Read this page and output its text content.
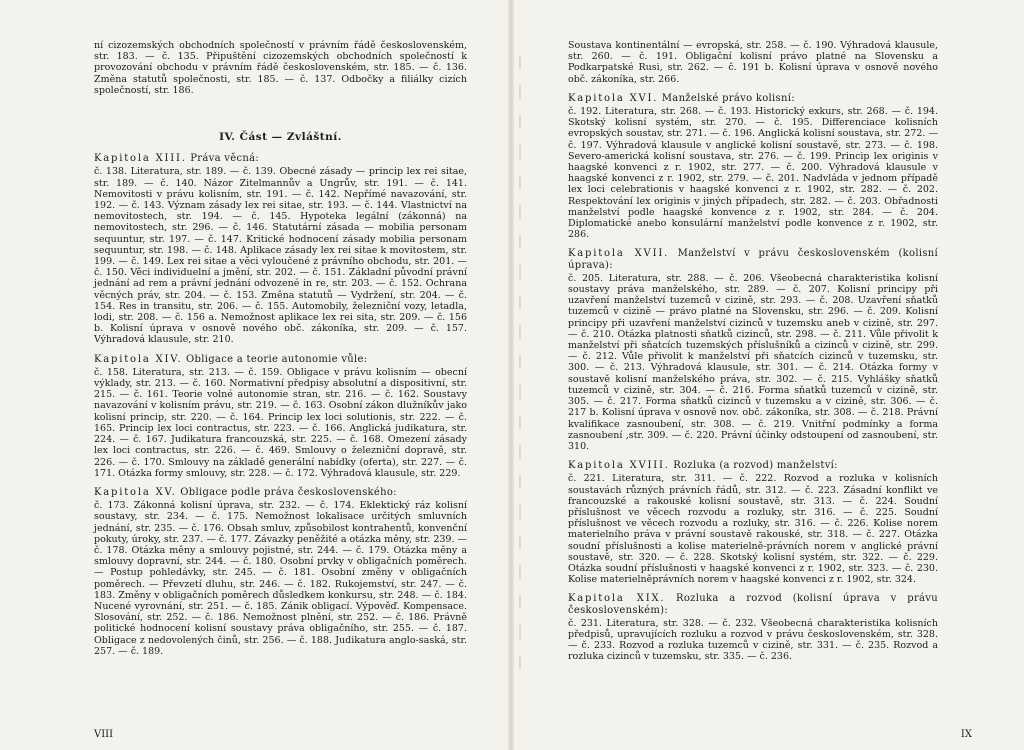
ní cizozemských obchodních společností v právním řádě československém, str. 183. — č. 135. Připuštění cizozemských obchodních společností k provozování obchodu v právním řádě československém, str. 185. — č. 136. Změna statutů společnosti, str. 185. — č. 137. Odbočky a filiálky cizích společností, str. 186.

IV. Část — Zvláštní.
Kapitola XIII. Práva věcná:

č. 138. Literatura, str. 189. — č. 139. Obecné zásady — princip lex rei sitae, str. 189. — č. 140. Názor Zitelmannův a Ungrův, str. 191. — č. 141. Nemovitosti v právu kolisním, str. 191. — č. 142. Nepřímé navazování, str. 192. — č. 143. Význam zásady lex rei sitae, str. 193. — č. 144. Vlastnictví na nemovitostech, str. 194. — č. 145. Hypoteka legální (zákonná) na nemovitostech, str. 296. — č. 146. Statutární zásada — mobilia personam sequuntur, str. 197. — č. 147. Kritické hodnocení zásady mobilia personam sequuntur, str. 198. — č. 148. Aplikace zásady lex rei sitae k movitostem, str. 199. — č. 149. Lex rei sitae a věci vyloučené z právního obchodu, str. 201. — č. 150. Věci individuelní a jmění, str. 202. — č. 151. Základní původní právní jednání ad rem a právní jednání odvozené in re, str. 203. — č. 152. Ochrana věcných práv, str. 204. — č. 153. Změna statutů — Vydržení, str. 204. — č. 154. Res in transitu, str. 206. — č. 155. Automobily, železniční vozy, letadla, lodi, str. 208. — č. 156 a. Nemožnost aplikace lex rei sita, str. 209. — č. 156 b. Kolisní úprava v osnově nového obč. zákoníka, str. 209. — č. 157. Výhradová klausule, str. 210.

Kapitola XIV. Obligace a teorie autonomie vůle:

č. 158. Literatura, str. 213. — č. 159. Obligace v právu kolisním — obecní výklady, str. 213. — č. 160. Normativní předpisy absolutní a dispositivní, str. 215. — č. 161. Teorie volné autonomie stran, str. 216. — č. 162. Soustavy navazování v kolisním právu, str. 219. — č. 163. Osobní zákon dlužníkův jako kolisní princip, str. 220. — č. 164. Princip lex loci solutionis, str. 222. — č. 165. Princip lex loci contractus, str. 223. — č. 166. Anglická judikatura, str. 224. — č. 167. Judikatura francouzská, str. 225. — č. 168. Omezení zásady lex loci contractus, str. 226. — č. 469. Smlouvy o železniční dopravě, str. 226. — č. 170. Smlouvy na základě generální nabídky (oferta), str. 227. — č. 171. Otázka formy smlouvy, str. 228. — č. 172. Výhradová klausule, str. 229.

Kapitola XV. Obligace podle práva československého:

č. 173. Zákonná kolisní úprava, str. 232. — č. 174. Eklektický ráz kolisní soustavy, str. 234. — č. 175. Nemožnost lokalisace určitých smluvních jednání, str. 235. — č. 176. Obsah smluv, způsobilost kontrahentů, konvenční pokuty, úroky, str. 237. — č. 177. Závazky peněžité a otázka měny, str. 239. — č. 178. Otázka měny a smlouvy pojistné, str. 244. — č. 179. Otázka měny a smlouvy dopravní, str. 244. — č. 180. Osobní prvky v obligačních poměrech. — Postup pohledávky, str. 245. — č. 181. Osobní změny v obligačních poměrech. — Převzetí dluhu, str. 246. — č. 182. Rukojemství, str. 247. — č. 183. Změny v obligačních poměrech důsledkem konkursu, str. 248. — č. 184. Nucené vyrovnání, str. 251. — č. 185. Zánik obligací. Výpověď. Kompensace. Slosování, str. 252. — č. 186. Nemožnost plnění, str. 252. — č. 186. Právně politické hodnocení kolisní soustavy práva obligačního, str. 255. — č. 187. Obligace z nedovolených činů, str. 256. — č. 188. Judikatura anglo-saská, str. 257. — č. 189.

VIII

Soustava kontinentální — evropská, str. 258. — č. 190. Výhradová klausule, str. 260. — č. 191. Obligační kolisní právo platné na Slovensku a Podkarpatské Rusi, str. 262. — č. 191 b. Kolisní úprava v osnově nového obč. zákoníka, str. 266.

Kapitola XVI. Manželské právo kolisní:

č. 192. Literatura, str. 268. — č. 193. Historický exkurs, str. 268. — č. 194. Skotský kolisní systém, str. 270. — č. 195. Differenciace kolisních evropských soustav, str. 271. — č. 196. Anglická kolisní soustava, str. 272. — č. 197. Výhradová klausule v anglické kolisní soustavě, str. 273. — č. 198. Severo-americká kolisní soustava, str. 276. — č. 199. Princip lex originis v haagské konvenci z r. 1902, str. 277. — č. 200. Výhradová klausule v haagské konvenci z r. 1902, str. 279. — č. 201. Nadvláda v jednom případě lex loci celebrationis v haagské konvenci z r. 1902, str. 282. — č. 202. Respektování lex originis v jiných případech, str. 282. — č. 203. Obřadnosti manželství podle haagské konvence z r. 1902, str. 284. — č. 204. Diplomatické anebo konsulární manželství podle konvence z r. 1902, str. 286.

Kapitola XVII. Manželství v právu československém (kolisní úprava):

č. 205. Literatura, str. 288. — č. 206. Všeobecná charakteristika kolisní soustavy práva manželského, str. 289. — č. 207. Kolisní principy při uzavření manželství tuzemců v cizině, str. 293. — č. 208. Uzavření sňatků tuzemců v cizině — právo platné na Slovensku, str. 296. — č. 209. Kolisní principy při uzavření manželství cizinců v tuzemsku aneb v cizině, str. 297. — č. 210. Otázka platnosti sňatků cizinců, str. 298. — č. 211. Vůle přivolit k manželství při sňatcích tuzemských příslušníků a cizinců v cizině, str. 299. — č. 212. Vůle přivolit k manželství při sňatcích cizinců v tuzemsku, str. 300. — č. 213. Výhradová klausule, str. 301. — č. 214. Otázka formy v soustavě kolisní manželského práva, str. 302. — č. 215. Vyhlášky sňatků tuzemců v cizině, str. 304. — č. 216. Forma sňatků tuzemců v cizině, str. 305. — č. 217. Forma sňatků cizinců v tuzemsku a v cizině, str. 306. — č. 217 b. Kolisní úprava v osnově nov. obč. zákoníka, str. 308. — č. 218. Právní kvalifikace zasnoubení, str. 308. — č. 219. Vnitřní podmínky a forma zasnoubení ,str. 309. — č. 220. Právní účinky odstoupení od zasnoubení, str. 310.

Kapitola XVIII. Rozluka (a rozvod) manželství:

č. 221. Literatura, str. 311. — č. 222. Rozvod a rozluka v kolisních soustavách různých právních řádů, str. 312. — č. 223. Zásadní konflikt ve francouzské a rakouské kolisní soustavě, str. 313. — č. 224. Soudní příslušnost ve věcech rozvodu a rozluky, str. 316. — č. 225. Soudní příslušnost ve věcech rozvodu a rozluky, str. 316. — č. 226. Kolise norem materielního práva v právní soustavě rakouské, str. 318. — č. 227. Otázka soudní příslušnosti a kolise materielně-právních norem v anglické právní soustavě, str. 320. — č. 228. Skotský kolisní systém, str. 322. — č. 229. Otázka soudní příslušnosti v haagské konvenci z r. 1902, str. 323. — č. 230. Kolise materielněprávních norem v haagské konvenci z r. 1902, str. 324.

Kapitola XIX. Rozluka a rozvod (kolisní úprava v právu československém):

č. 231. Literatura, str. 328. — č. 232. Všeobecná charakteristika kolisních předpisů, upravujících rozluku a rozvod v právu československém, str. 328. — č. 233. Rozvod a rozluka tuzemců v cizině, str. 331. — č. 235. Rozvod a rozluka cizinců v tuzemsku, str. 335. — č. 236.

IX
